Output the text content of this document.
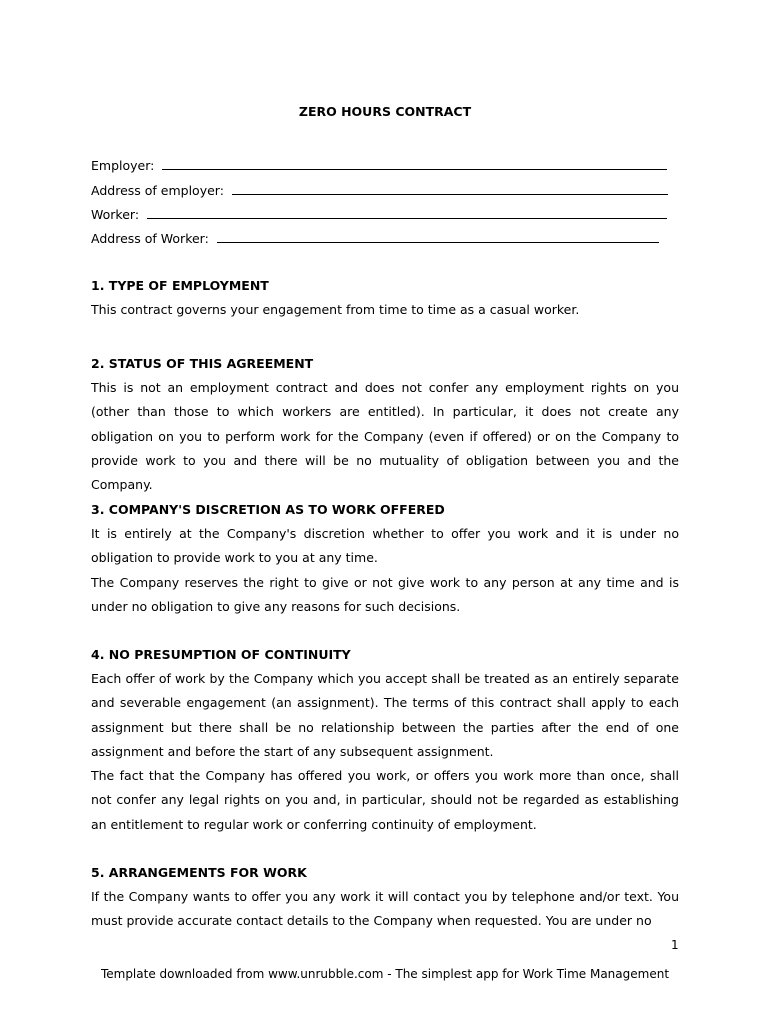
ZERO HOURS CONTRACT
Employer:
Address of employer:
Worker:
Address of Worker:
1. TYPE OF EMPLOYMENT

This contract governs your engagement from time to time as a casual worker.

2. STATUS OF THIS AGREEMENT

This is not an employment contract and does not confer any employment rights on you (other than those to which workers are entitled). In particular, it does not create any obligation on you to perform work for the Company (even if offered) or on the Company to provide work to you and there will be no mutuality of obligation between you and the Company.

3. COMPANY'S DISCRETION AS TO WORK OFFERED

It is entirely at the Company's discretion whether to offer you work and it is under no obligation to provide work to you at any time.

The Company reserves the right to give or not give work to any person at any time and is under no obligation to give any reasons for such decisions.

4. NO PRESUMPTION OF CONTINUITY

Each offer of work by the Company which you accept shall be treated as an entirely separate and severable engagement (an assignment). The terms of this contract shall apply to each assignment but there shall be no relationship between the parties after the end of one assignment and before the start of any subsequent assignment.

The fact that the Company has offered you work, or offers you work more than once, shall not confer any legal rights on you and, in particular, should not be regarded as establishing an entitlement to regular work or conferring continuity of employment.

5. ARRANGEMENTS FOR WORK

If the Company wants to offer you any work it will contact you by telephone and/or text. You must provide accurate contact details to the Company when requested. You are under no

1
Template downloaded from www.unrubble.com - The simplest app for Work Time Management
